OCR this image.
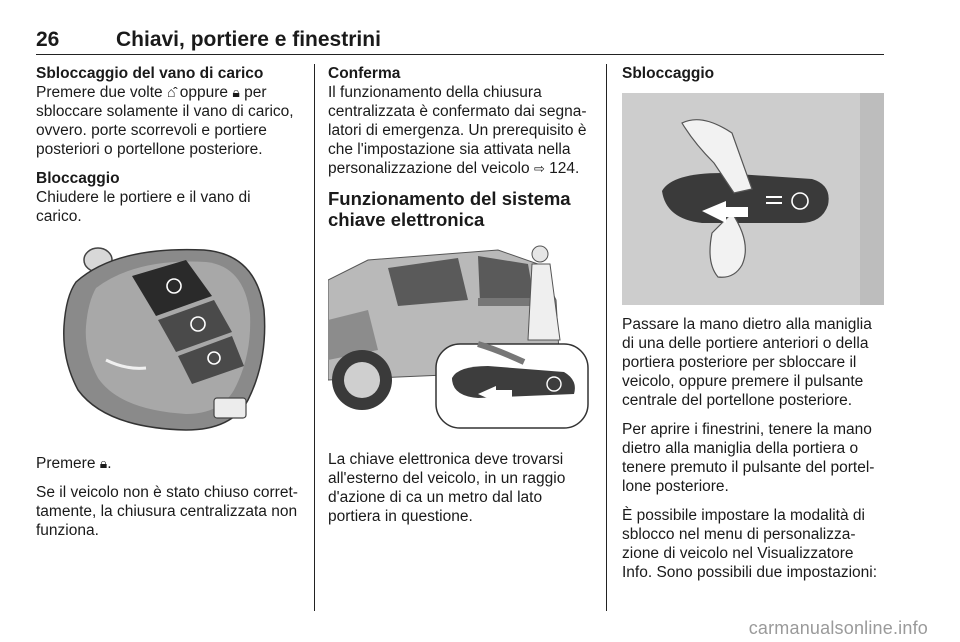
26	Chiavi, portiere e finestrini
Sbloccaggio del vano di carico

Premere due volte ⌂̂ oppure 🔒︎ per sbloccare solamente il vano di carico, ovvero. porte scorrevoli e portiere posteriori o portellone posteriore.

Bloccaggio

Chiudere le portiere e il vano di carico.

Premere 🔒︎.

Se il veicolo non è stato chiuso corret-tamente, la chiusura centralizzata non funziona.

Conferma

Il funzionamento della chiusura centralizzata è confermato dai segna-latori di emergenza. Un prerequisito è che l'impostazione sia attivata nella personalizzazione del veicolo ⇨ 124.

Funzionamento del sistema chiave elettronica

La chiave elettronica deve trovarsi all'esterno del veicolo, in un raggio d'azione di ca un metro dal lato portiera in questione.

Sbloccaggio

Passare la mano dietro alla maniglia di una delle portiere anteriori o della portiera posteriore per sbloccare il veicolo, oppure premere il pulsante centrale del portellone posteriore.

Per aprire i finestrini, tenere la mano dietro alla maniglia della portiera o tenere premuto il pulsante del portel-lone posteriore.

È possibile impostare la modalità di sblocco nel menu di personalizza-zione di veicolo nel Visualizzatore Info. Sono possibili due impostazioni:

carmanualsonline.info
